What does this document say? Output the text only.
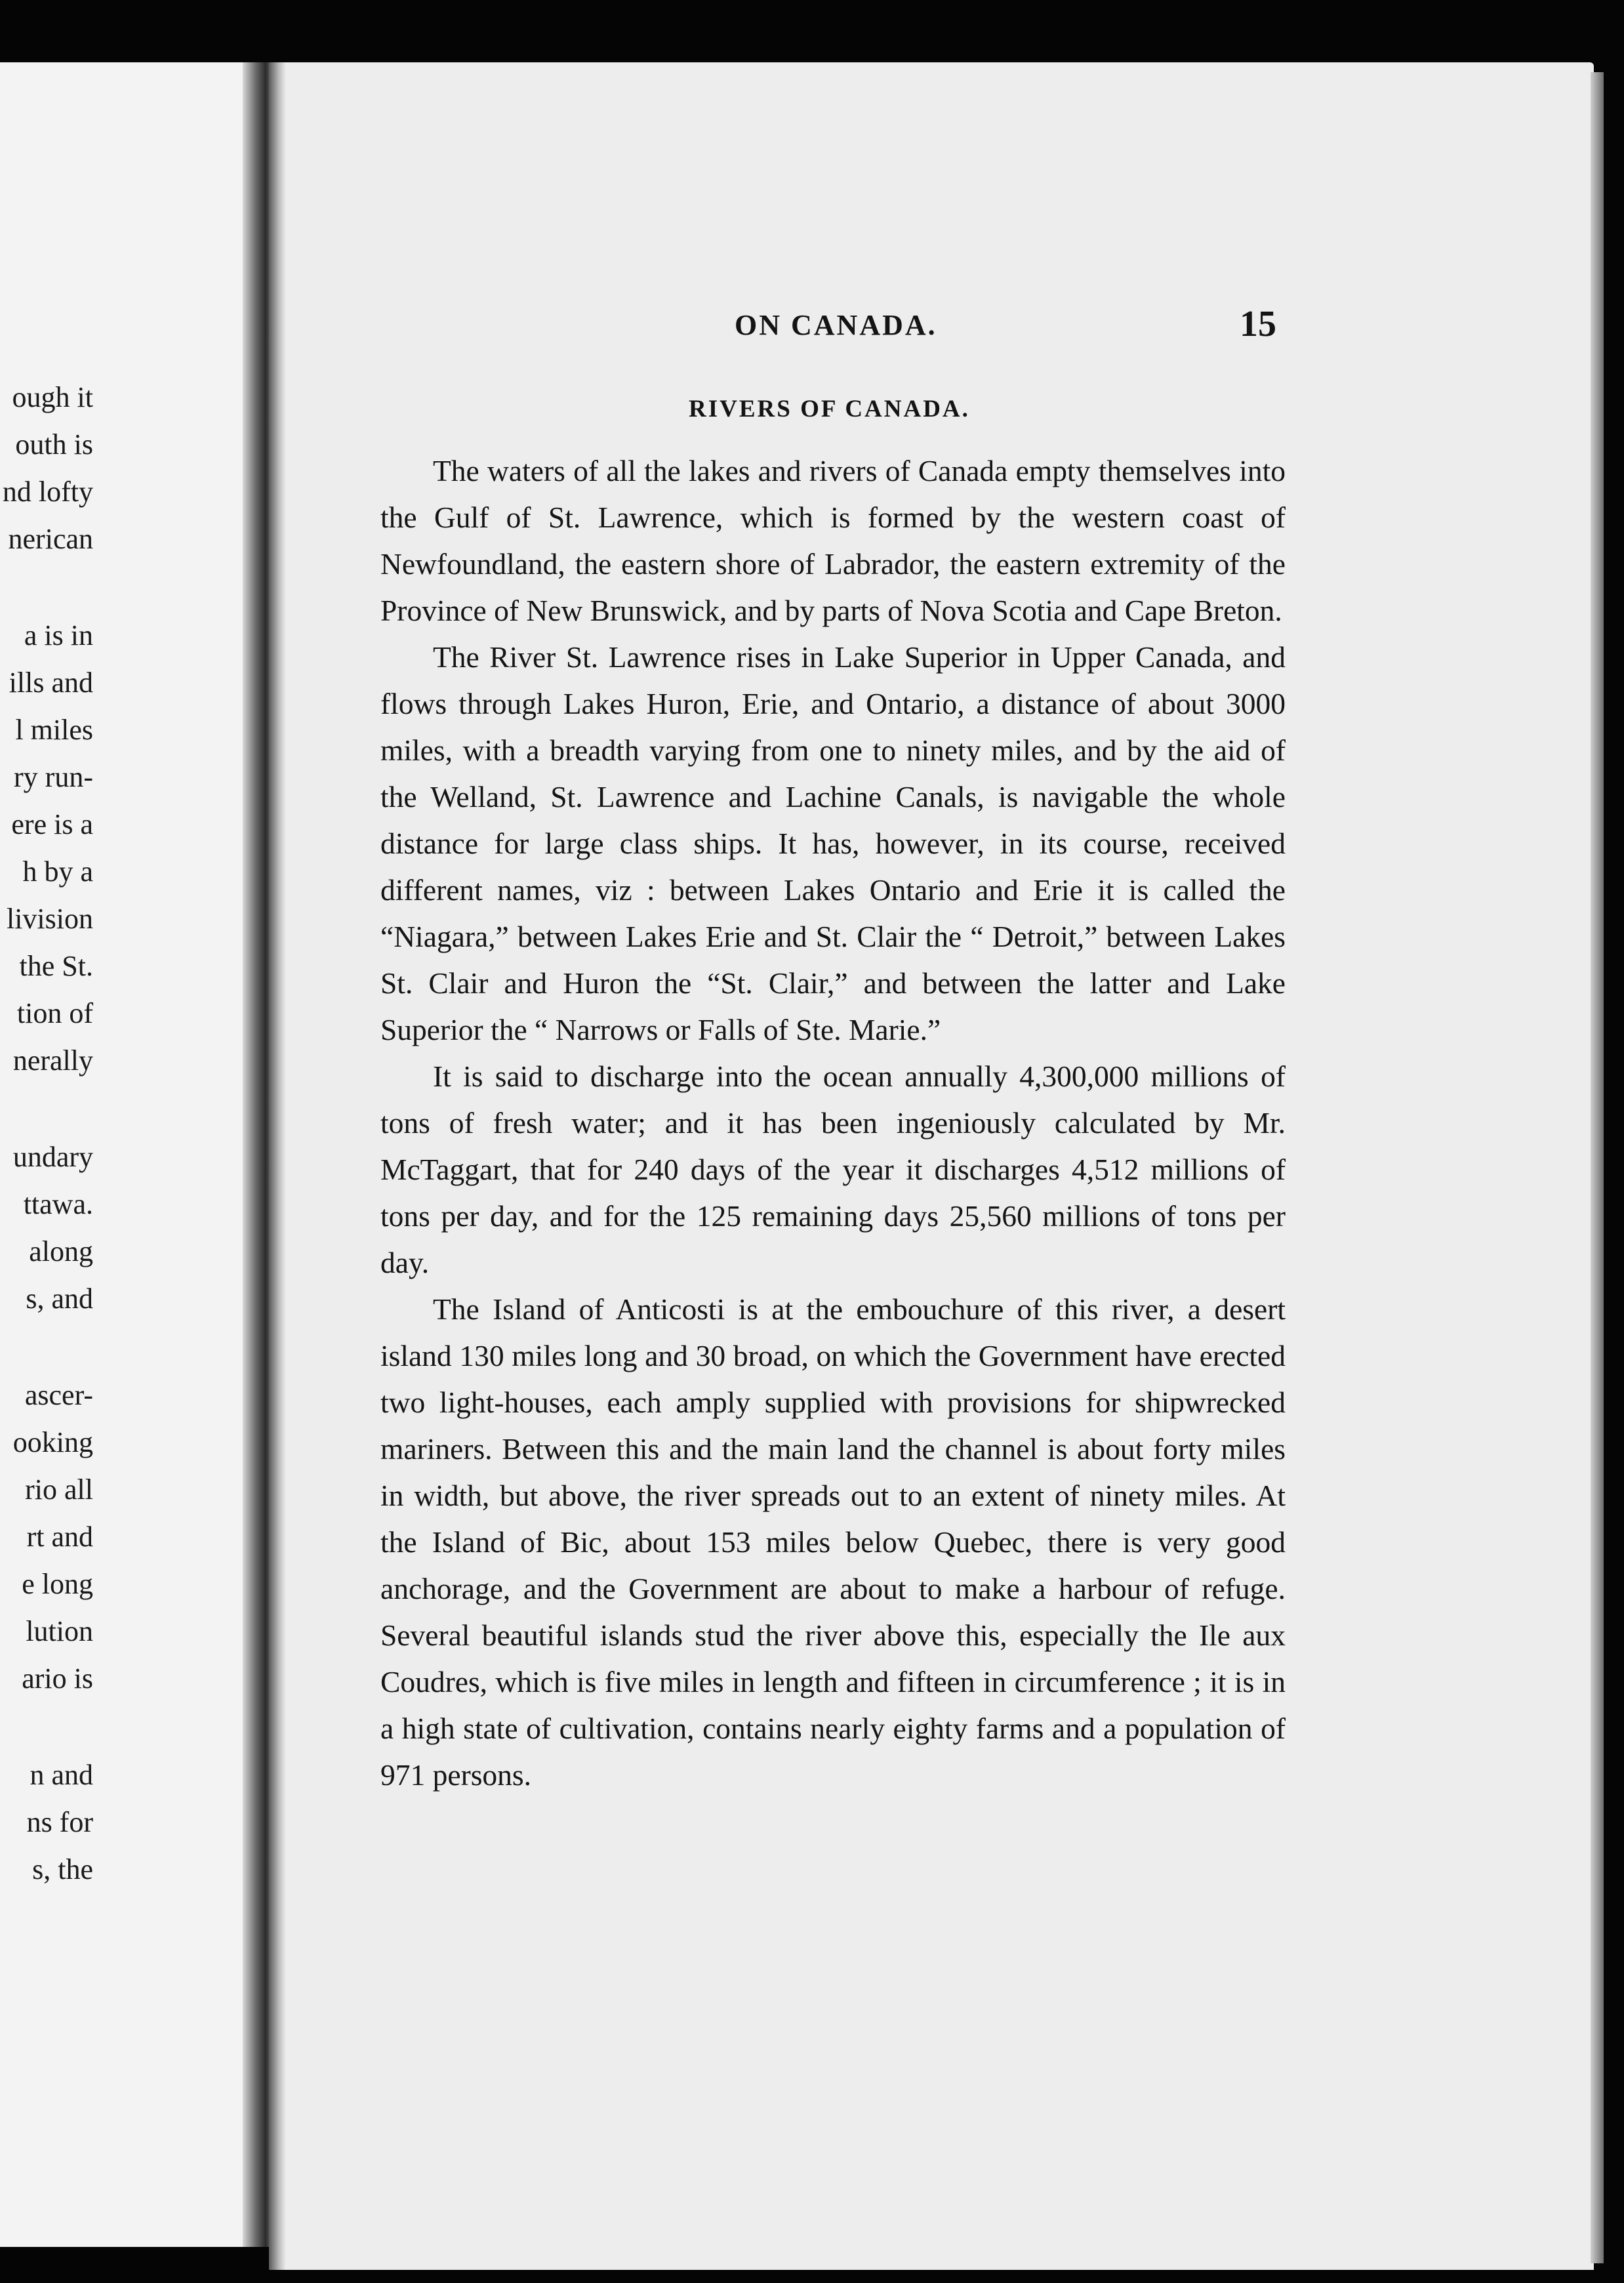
ough it
outh is
nd lofty
nerican
a is in
ills and
l miles
ry run-
ere is a
h by a
livision
the St.
tion of
nerally
undary
ttawa.
along
s, and
ascer-
ooking
rio all
rt and
e long
lution
ario is
n and
ns for
s, the
ON CANADA.	15
RIVERS OF CANADA.

The waters of all the lakes and rivers of Canada empty themselves into the Gulf of St. Lawrence, which is formed by the western coast of Newfoundland, the eastern shore of Labrador, the eastern extremity of the Province of New Brunswick, and by parts of Nova Scotia and Cape Breton.

The River St. Lawrence rises in Lake Superior in Upper Canada, and flows through Lakes Huron, Erie, and Ontario, a distance of about 3000 miles, with a breadth varying from one to ninety miles, and by the aid of the Welland, St. Lawrence and Lachine Canals, is navigable the whole distance for large class ships. It has, however, in its course, received different names, viz : between Lakes Ontario and Erie it is called the “Niagara,” between Lakes Erie and St. Clair the “ Detroit,” between Lakes St. Clair and Huron the “St. Clair,” and between the latter and Lake Superior the “ Narrows or Falls of Ste. Marie.”

It is said to discharge into the ocean annually 4,300,000 millions of tons of fresh water; and it has been ingeniously calculated by Mr. McTaggart, that for 240 days of the year it discharges 4,512 millions of tons per day, and for the 125 remaining days 25,560 millions of tons per day.

The Island of Anticosti is at the embouchure of this river, a desert island 130 miles long and 30 broad, on which the Government have erected two light-houses, each amply supplied with provisions for shipwrecked mariners. Between this and the main land the channel is about forty miles in width, but above, the river spreads out to an extent of ninety miles. At the Island of Bic, about 153 miles below Quebec, there is very good anchorage, and the Government are about to make a harbour of refuge. Several beautiful islands stud the river above this, especially the Ile aux Coudres, which is five miles in length and fifteen in circumference ; it is in a high state of cultivation, contains nearly eighty farms and a population of 971 persons.
